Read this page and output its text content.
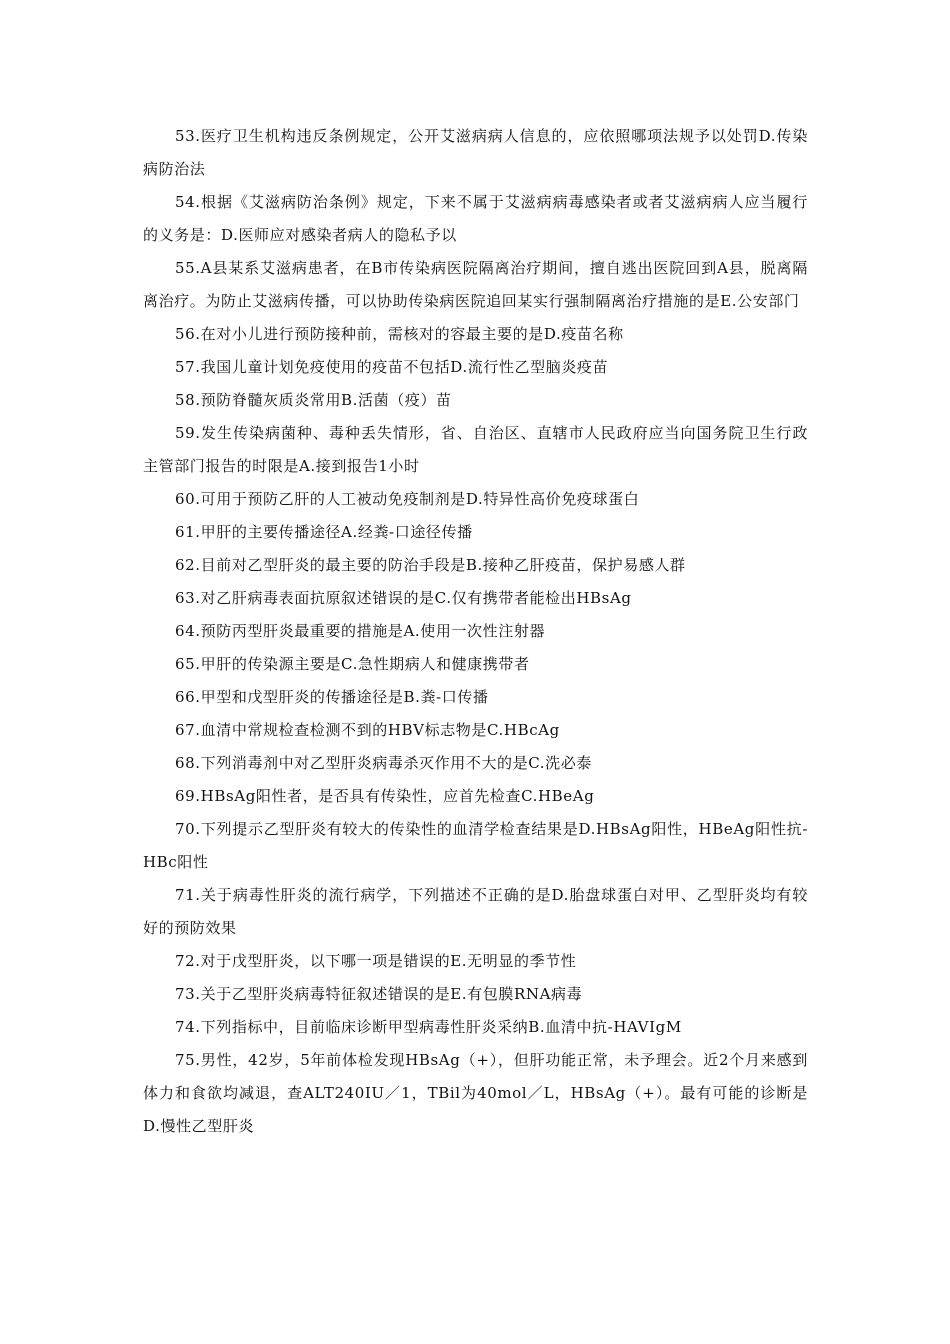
53.医疗卫生机构违反条例规定，公开艾滋病病人信息的，应依照哪项法规予以处罚D.传染病防治法

54.根据《艾滋病防治条例》规定，下来不属于艾滋病病毒感染者或者艾滋病病人应当履行的义务是：D.医师应对感染者病人的隐私予以

55.A县某系艾滋病患者，在B市传染病医院隔离治疗期间，擅自逃出医院回到A县，脱离隔离治疗。为防止艾滋病传播，可以协助传染病医院追回某实行强制隔离治疗措施的是E.公安部门

56.在对小儿进行预防接种前，需核对的容最主要的是D.疫苗名称

57.我国儿童计划免疫使用的疫苗不包括D.流行性乙型脑炎疫苗

58.预防脊髓灰质炎常用B.活菌（疫）苗

59.发生传染病菌种、毒种丢失情形，省、自治区、直辖市人民政府应当向国务院卫生行政主管部门报告的时限是A.接到报告1小时

60.可用于预防乙肝的人工被动免疫制剂是D.特异性高价免疫球蛋白

61.甲肝的主要传播途径A.经粪-口途径传播

62.目前对乙型肝炎的最主要的防治手段是B.接种乙肝疫苗，保护易感人群

63.对乙肝病毒表面抗原叙述错误的是C.仅有携带者能检出HBsAg

64.预防丙型肝炎最重要的措施是A.使用一次性注射器

65.甲肝的传染源主要是C.急性期病人和健康携带者

66.甲型和戊型肝炎的传播途径是B.粪-口传播

67.血清中常规检查检测不到的HBV标志物是C.HBcAg

68.下列消毒剂中对乙型肝炎病毒杀灭作用不大的是C.洗必泰

69.HBsAg阳性者，是否具有传染性，应首先检查C.HBeAg

70.下列提示乙型肝炎有较大的传染性的血清学检查结果是D.HBsAg阳性，HBeAg阳性抗-HBc阳性

71.关于病毒性肝炎的流行病学，下列描述不正确的是D.胎盘球蛋白对甲、乙型肝炎均有较好的预防效果

72.对于戊型肝炎，以下哪一项是错误的E.无明显的季节性

73.关于乙型肝炎病毒特征叙述错误的是E.有包膜RNA病毒

74.下列指标中，目前临床诊断甲型病毒性肝炎采纳B.血清中抗-HAVIgM

75.男性，42岁，5年前体检发现HBsAg（+），但肝功能正常，未予理会。近2个月来感到体力和食欲均减退，查ALT240IU／1，TBil为40mol／L，HBsAg（+）。最有可能的诊断是D.慢性乙型肝炎
